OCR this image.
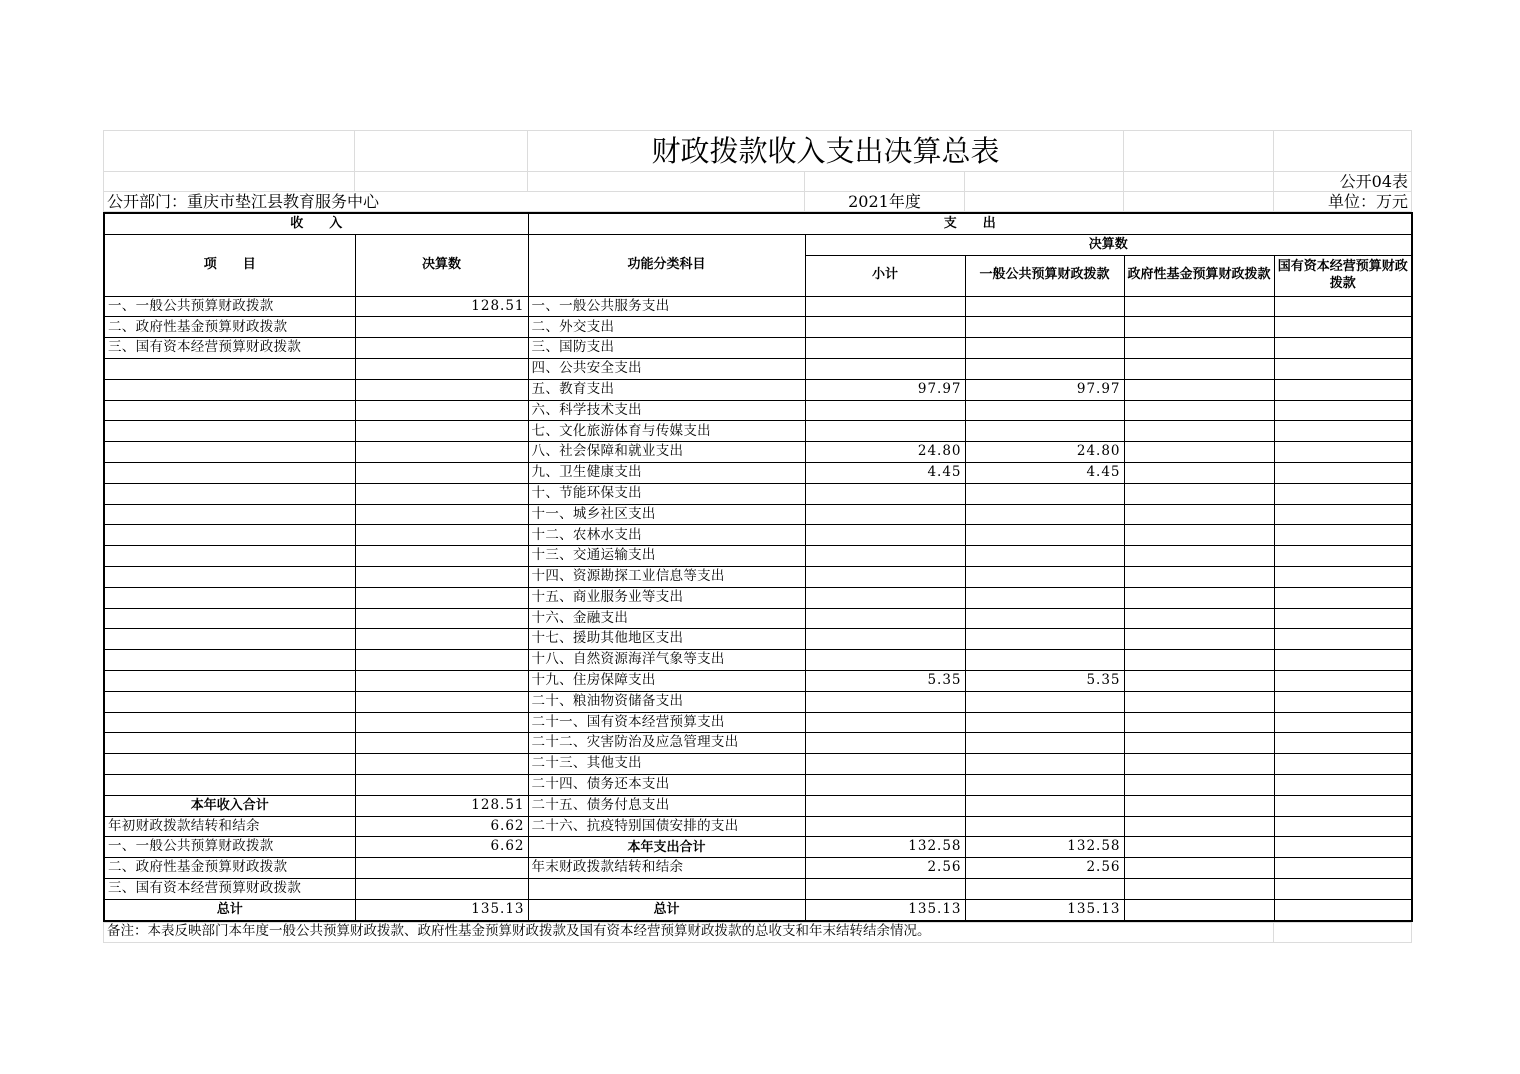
		财政拨款收入支出决算总表				
						公开04表
公开部门：重庆市垫江县教育服务中心			2021年度			单位：万元
收　　入		支　　出				
项　　目	决算数	功能分类科目	决算数			
			小计	一般公共预算财政拨款	政府性基金预算财政拨款	国有资本经营预算财政拨款
一、一般公共预算财政拨款	128.51	一、一般公共服务支出				
二、政府性基金预算财政拨款		二、外交支出				
三、国有资本经营预算财政拨款		三、国防支出				
		四、公共安全支出				
		五、教育支出	97.97	97.97		
		六、科学技术支出				
		七、文化旅游体育与传媒支出				
		八、社会保障和就业支出	24.80	24.80		
		九、卫生健康支出	4.45	4.45		
		十、节能环保支出				
		十一、城乡社区支出				
		十二、农林水支出				
		十三、交通运输支出				
		十四、资源勘探工业信息等支出				
		十五、商业服务业等支出				
		十六、金融支出				
		十七、援助其他地区支出				
		十八、自然资源海洋气象等支出				
		十九、住房保障支出	5.35	5.35		
		二十、粮油物资储备支出				
		二十一、国有资本经营预算支出				
		二十二、灾害防治及应急管理支出				
		二十三、其他支出				
		二十四、债务还本支出				
本年收入合计	128.51	二十五、债务付息支出				
年初财政拨款结转和结余	6.62	二十六、抗疫特别国债安排的支出				
一、一般公共预算财政拨款	6.62	本年支出合计	132.58	132.58		
二、政府性基金预算财政拨款		年末财政拨款结转和结余	2.56	2.56		
三、国有资本经营预算财政拨款						
总计	135.13	总计	135.13	135.13		
备注：本表反映部门本年度一般公共预算财政拨款、政府性基金预算财政拨款及国有资本经营预算财政拨款的总收支和年末结转结余情况。	
